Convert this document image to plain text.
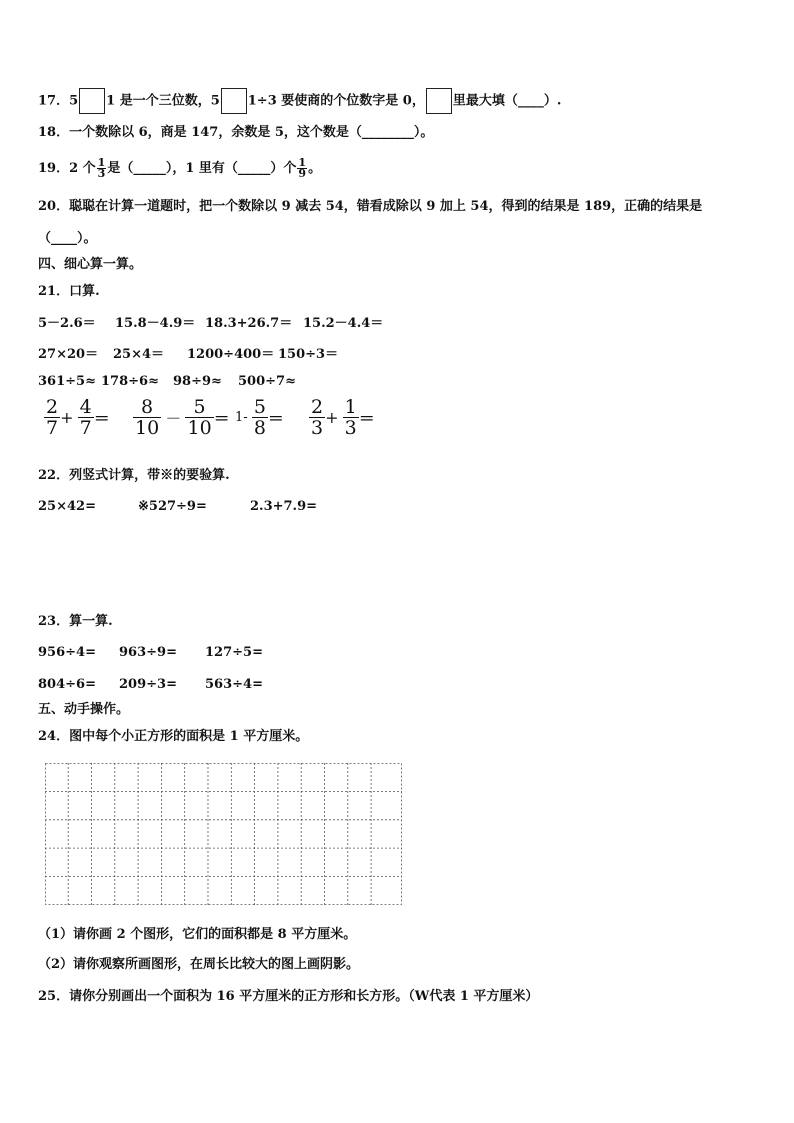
17．5 1 是一个三位数，5 1÷3 要使商的个位数字是 0， 里最大填（____）.
18．一个数除以 6，商是 147，余数是 5，这个数是（________）。
19．2 个 $\frac{1}{3}$ 是（_____），1 里有（_____）个 $\frac{1}{9}$ 。
20．聪聪在计算一道题时，把一个数除以 9 减去 54，错看成除以 9 加上 54，得到的结果是 189，正确的结果是
（____）。
四、细心算一算。
21．口算.
5－2.6＝ 15.8－4.9＝ 18.3+26.7＝ 15.2－4.4＝
27×20＝ 25×4＝ 1200÷400＝ 150÷3＝
361÷5≈ 178÷6≈ 98÷9≈ 500÷7≈
$\frac{2}{7} + \frac{4}{7} = \frac{8}{10} - \frac{5}{10} = 1- \frac{5}{8} = \frac{2}{3} + \frac{1}{3}$ ＝
22．列竖式计算，带※的要验算.
25×42=	※527÷9=	2.3+7.9=
23．算一算.
956÷4= 963÷9= 127÷5=
804÷6= 209÷3= 563÷4=
五、动手操作。
24．图中每个小正方形的面积是 1 平方厘米。
（1）请你画 2 个图形，它们的面积都是 8 平方厘米。
（2）请你观察所画图形，在周长比较大的图上画阴影。
25．请你分别画出一个面积为 16 平方厘米的正方形和长方形。（W代表 1 平方厘米）
